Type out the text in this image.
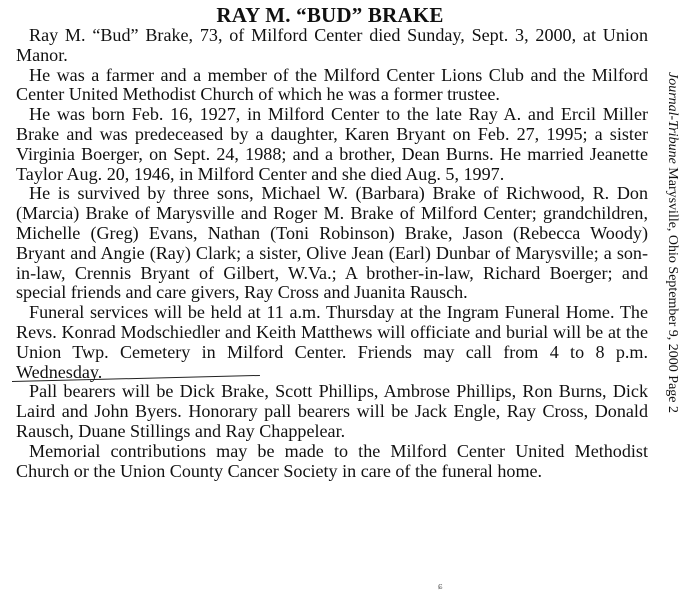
RAY M. “BUD” BRAKE

Ray M. “Bud” Brake, 73, of Milford Center died Sunday, Sept. 3, 2000, at Union Manor.

He was a farmer and a member of the Milford Center Lions Club and the Milford Center United Methodist Church of which he was a former trustee.

He was born Feb. 16, 1927, in Milford Center to the late Ray A. and Ercil Miller Brake and was predeceased by a daughter, Karen Bryant on Feb. 27, 1995; a sister Virginia Boerger, on Sept. 24, 1988; and a brother, Dean Burns. He married Jeanette Taylor Aug. 20, 1946, in Milford Center and she died Aug. 5, 1997.

He is survived by three sons, Michael W. (Barbara) Brake of Richwood, R. Don (Marcia) Brake of Marysville and Roger M. Brake of Milford Center; grandchildren, Michelle (Greg) Evans, Nathan (Toni Robinson) Brake, Jason (Rebecca Woody) Bryant and Angie (Ray) Clark; a sister, Olive Jean (Earl) Dunbar of Marysville; a son-in-law, Crennis Bryant of Gilbert, W.Va.; A brother-in-law, Richard Boerger; and special friends and care givers, Ray Cross and Juanita Rausch.

Funeral services will be held at 11 a.m. Thursday at the Ingram Funeral Home. The Revs. Konrad Modschiedler and Keith Matthews will officiate and burial will be at the Union Twp. Cemetery in Milford Center. Friends may call from 4 to 8 p.m. Wednesday.

Pall bearers will be Dick Brake, Scott Phillips, Ambrose Phillips, Ron Burns, Dick Laird and John Byers. Honorary pall bearers will be Jack Engle, Ray Cross, Donald Rausch, Duane Stillings and Ray Chappelear.

Memorial contributions may be made to the Milford Center United Methodist Church or the Union County Cancer Society in care of the funeral home.

ɕ
Journal-Tribune Marysville, Ohio September 9, 2000 Page 2
